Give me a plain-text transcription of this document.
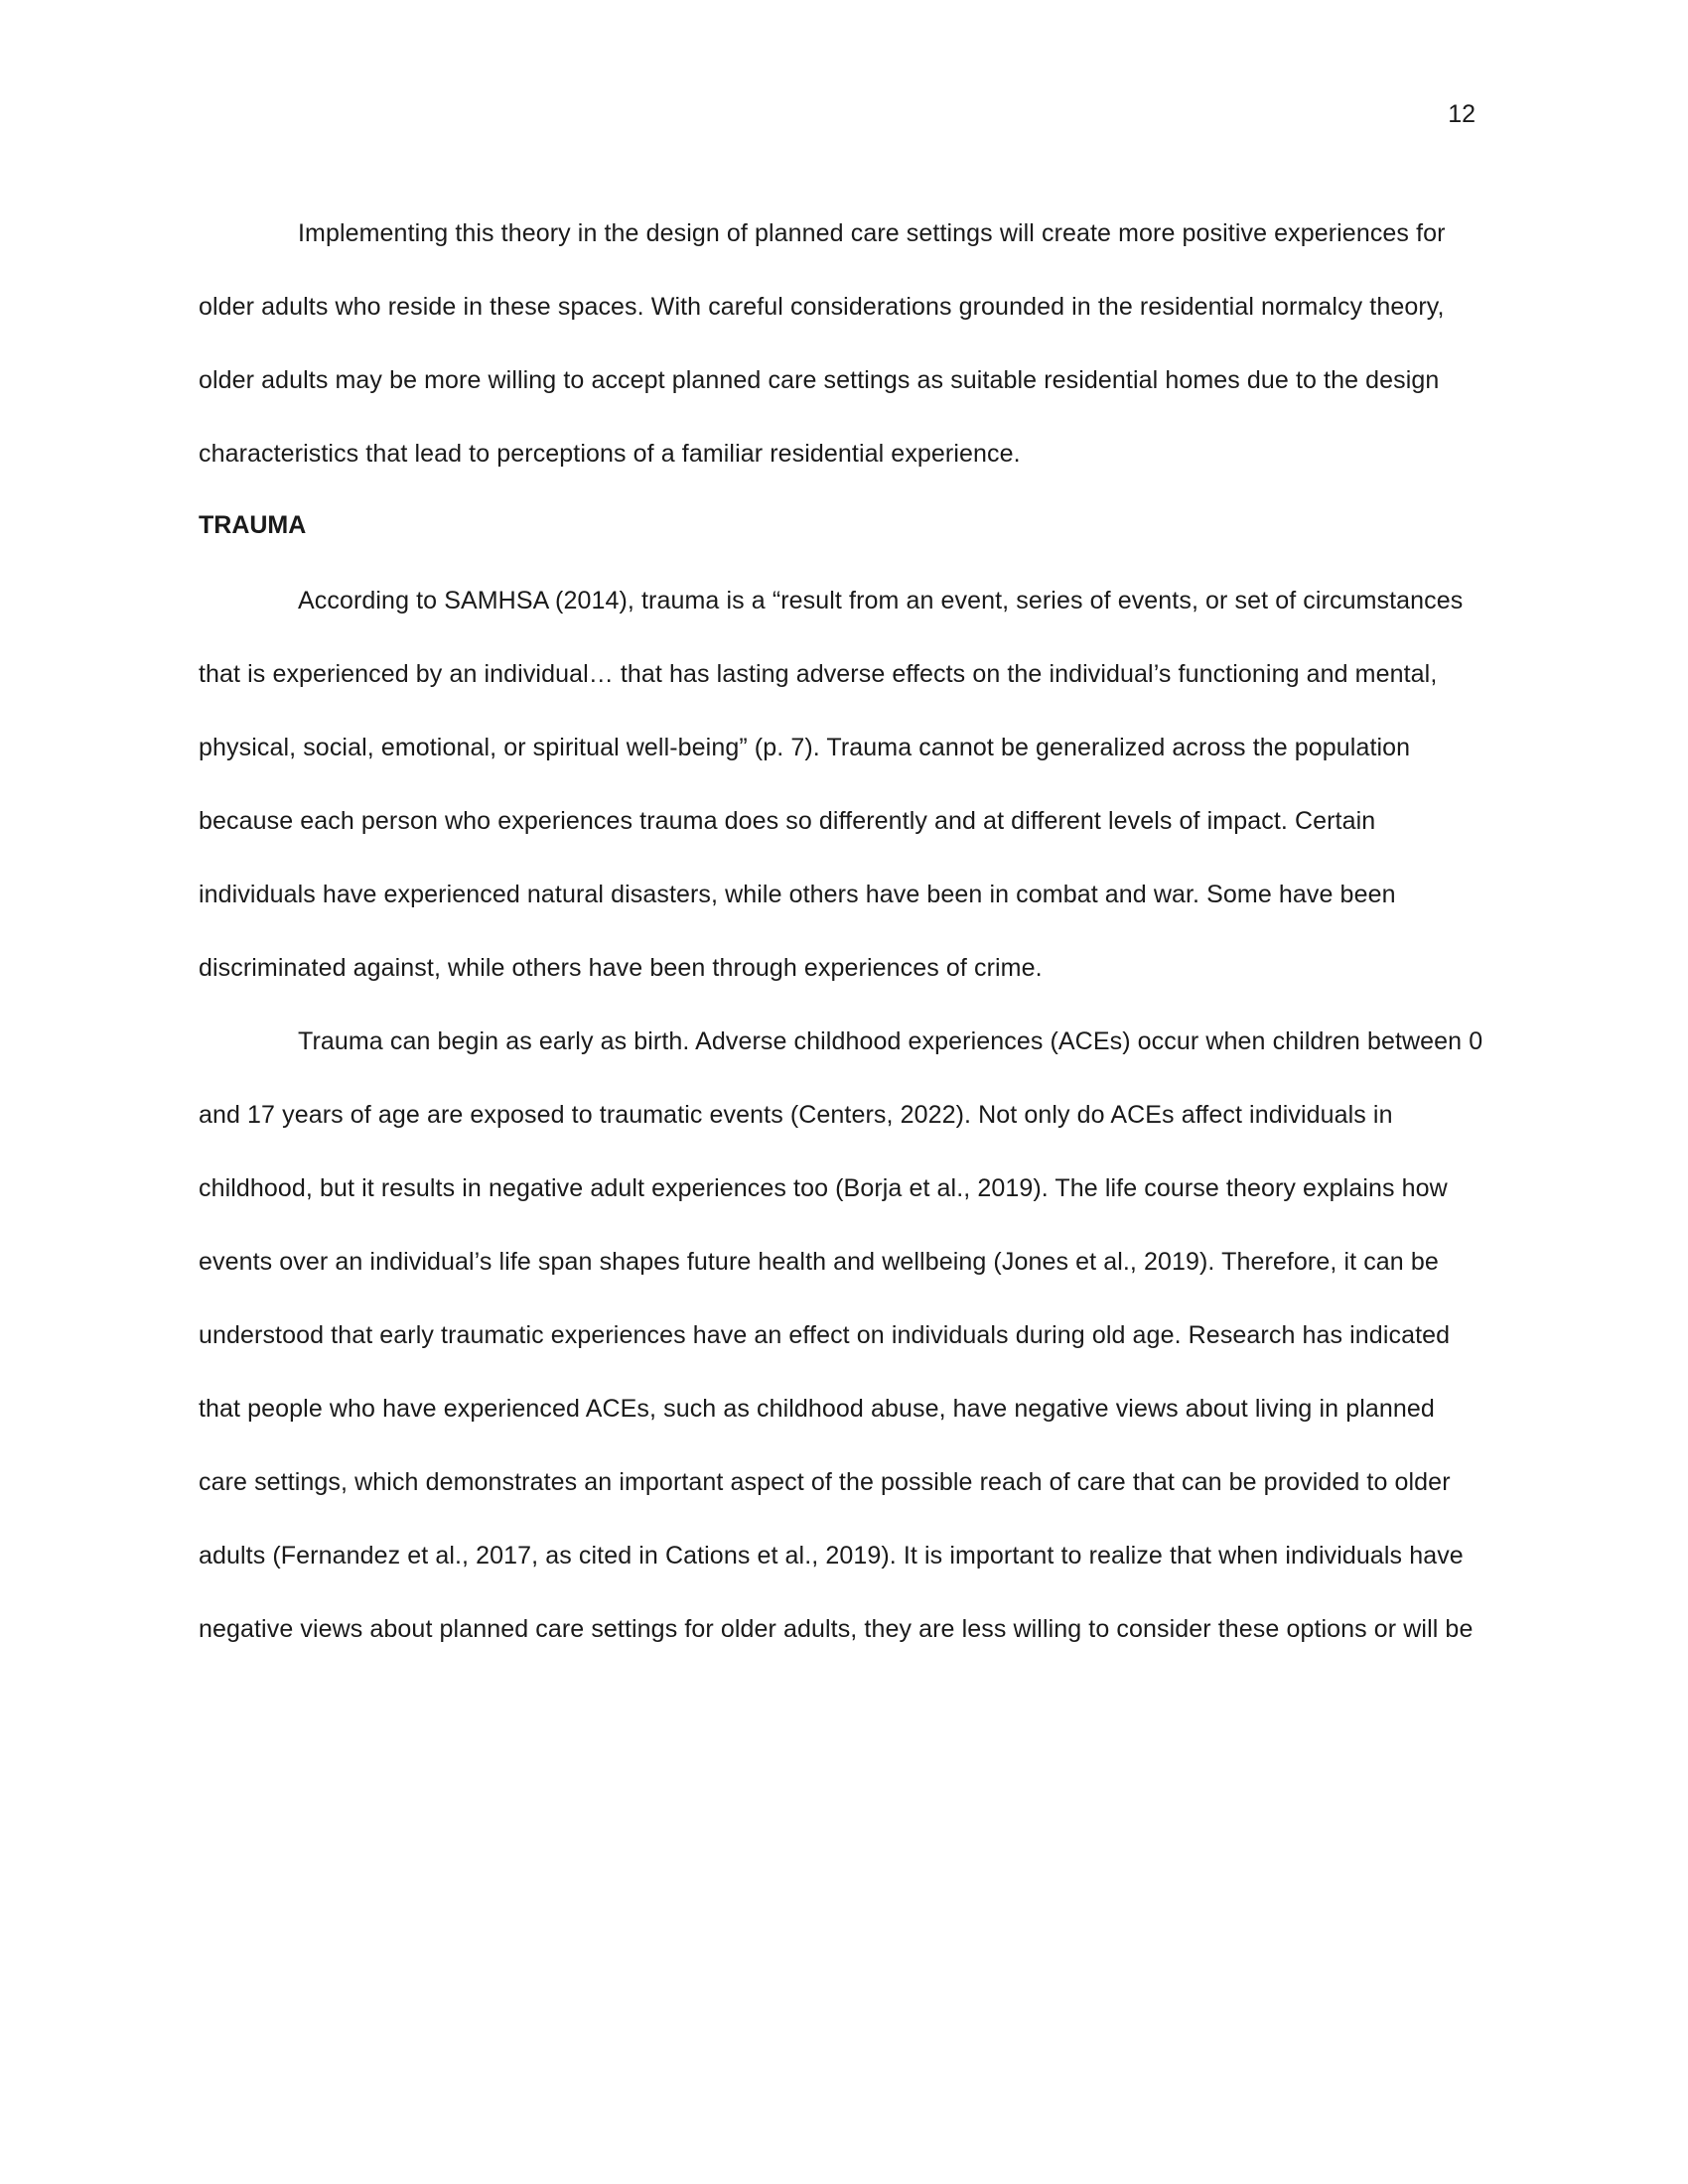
12

Implementing this theory in the design of planned care settings will create more positive experiences for older adults who reside in these spaces. With careful considerations grounded in the residential normalcy theory, older adults may be more willing to accept planned care settings as suitable residential homes due to the design characteristics that lead to perceptions of a familiar residential experience.

TRAUMA

According to SAMHSA (2014), trauma is a “result from an event, series of events, or set of circumstances that is experienced by an individual… that has lasting adverse effects on the individual’s functioning and mental, physical, social, emotional, or spiritual well-being” (p. 7). Trauma cannot be generalized across the population because each person who experiences trauma does so differently and at different levels of impact. Certain individuals have experienced natural disasters, while others have been in combat and war. Some have been discriminated against, while others have been through experiences of crime.

Trauma can begin as early as birth. Adverse childhood experiences (ACEs) occur when children between 0 and 17 years of age are exposed to traumatic events (Centers, 2022). Not only do ACEs affect individuals in childhood, but it results in negative adult experiences too (Borja et al., 2019). The life course theory explains how events over an individual’s life span shapes future health and wellbeing (Jones et al., 2019). Therefore, it can be understood that early traumatic experiences have an effect on individuals during old age. Research has indicated that people who have experienced ACEs, such as childhood abuse, have negative views about living in planned care settings, which demonstrates an important aspect of the possible reach of care that can be provided to older adults (Fernandez et al., 2017, as cited in Cations et al., 2019). It is important to realize that when individuals have negative views about planned care settings for older adults, they are less willing to consider these options or will be
